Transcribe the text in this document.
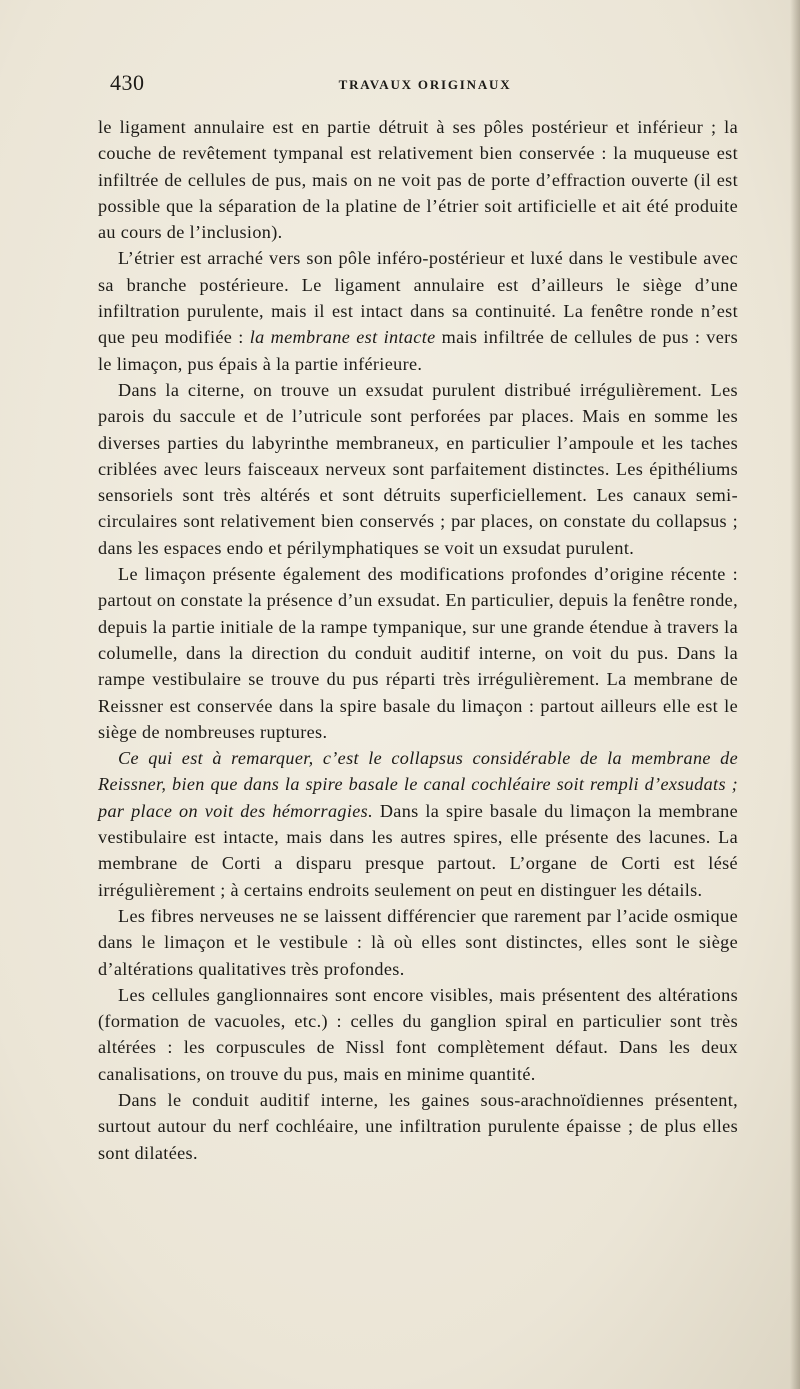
430	TRAVAUX ORIGINAUX

le ligament annulaire est en partie détruit à ses pôles postérieur et inférieur ; la couche de revêtement tympanal est relativement bien conservée : la muqueuse est infiltrée de cellules de pus, mais on ne voit pas de porte d’effraction ouverte (il est possible que la séparation de la platine de l’étrier soit artificielle et ait été produite au cours de l’inclusion).

L’étrier est arraché vers son pôle inféro-postérieur et luxé dans le vestibule avec sa branche postérieure. Le ligament annulaire est d’ailleurs le siège d’une infiltration purulente, mais il est intact dans sa continuité. La fenêtre ronde n’est que peu modifiée : la membrane est intacte mais infiltrée de cellules de pus : vers le limaçon, pus épais à la partie inférieure.

Dans la citerne, on trouve un exsudat purulent distribué irrégulièrement. Les parois du saccule et de l’utricule sont perforées par places. Mais en somme les diverses parties du labyrinthe membraneux, en particulier l’ampoule et les taches criblées avec leurs faisceaux nerveux sont parfaitement distinctes. Les épithéliums sensoriels sont très altérés et sont détruits superficiellement. Les canaux semi-circulaires sont relativement bien conservés ; par places, on constate du collapsus ; dans les espaces endo et périlymphatiques se voit un exsudat purulent.

Le limaçon présente également des modifications profondes d’origine récente : partout on constate la présence d’un exsudat. En particulier, depuis la fenêtre ronde, depuis la partie initiale de la rampe tympanique, sur une grande étendue à travers la columelle, dans la direction du conduit auditif interne, on voit du pus. Dans la rampe vestibulaire se trouve du pus réparti très irrégulièrement. La membrane de Reissner est conservée dans la spire basale du limaçon : partout ailleurs elle est le siège de nombreuses ruptures.

Ce qui est à remarquer, c’est le collapsus considérable de la membrane de Reissner, bien que dans la spire basale le canal cochléaire soit rempli d’exsudats ; par place on voit des hémorragies. Dans la spire basale du limaçon la membrane vestibulaire est intacte, mais dans les autres spires, elle présente des lacunes. La membrane de Corti a disparu presque partout. L’organe de Corti est lésé irrégulièrement ; à certains endroits seulement on peut en distinguer les détails.

Les fibres nerveuses ne se laissent différencier que rarement par l’acide osmique dans le limaçon et le vestibule : là où elles sont distinctes, elles sont le siège d’altérations qualitatives très profondes.

Les cellules ganglionnaires sont encore visibles, mais présentent des altérations (formation de vacuoles, etc.) : celles du ganglion spiral en particulier sont très altérées : les corpuscules de Nissl font complètement défaut. Dans les deux canalisations, on trouve du pus, mais en minime quantité.

Dans le conduit auditif interne, les gaines sous-arachnoïdiennes présentent, surtout autour du nerf cochléaire, une infiltration purulente épaisse ; de plus elles sont dilatées.
